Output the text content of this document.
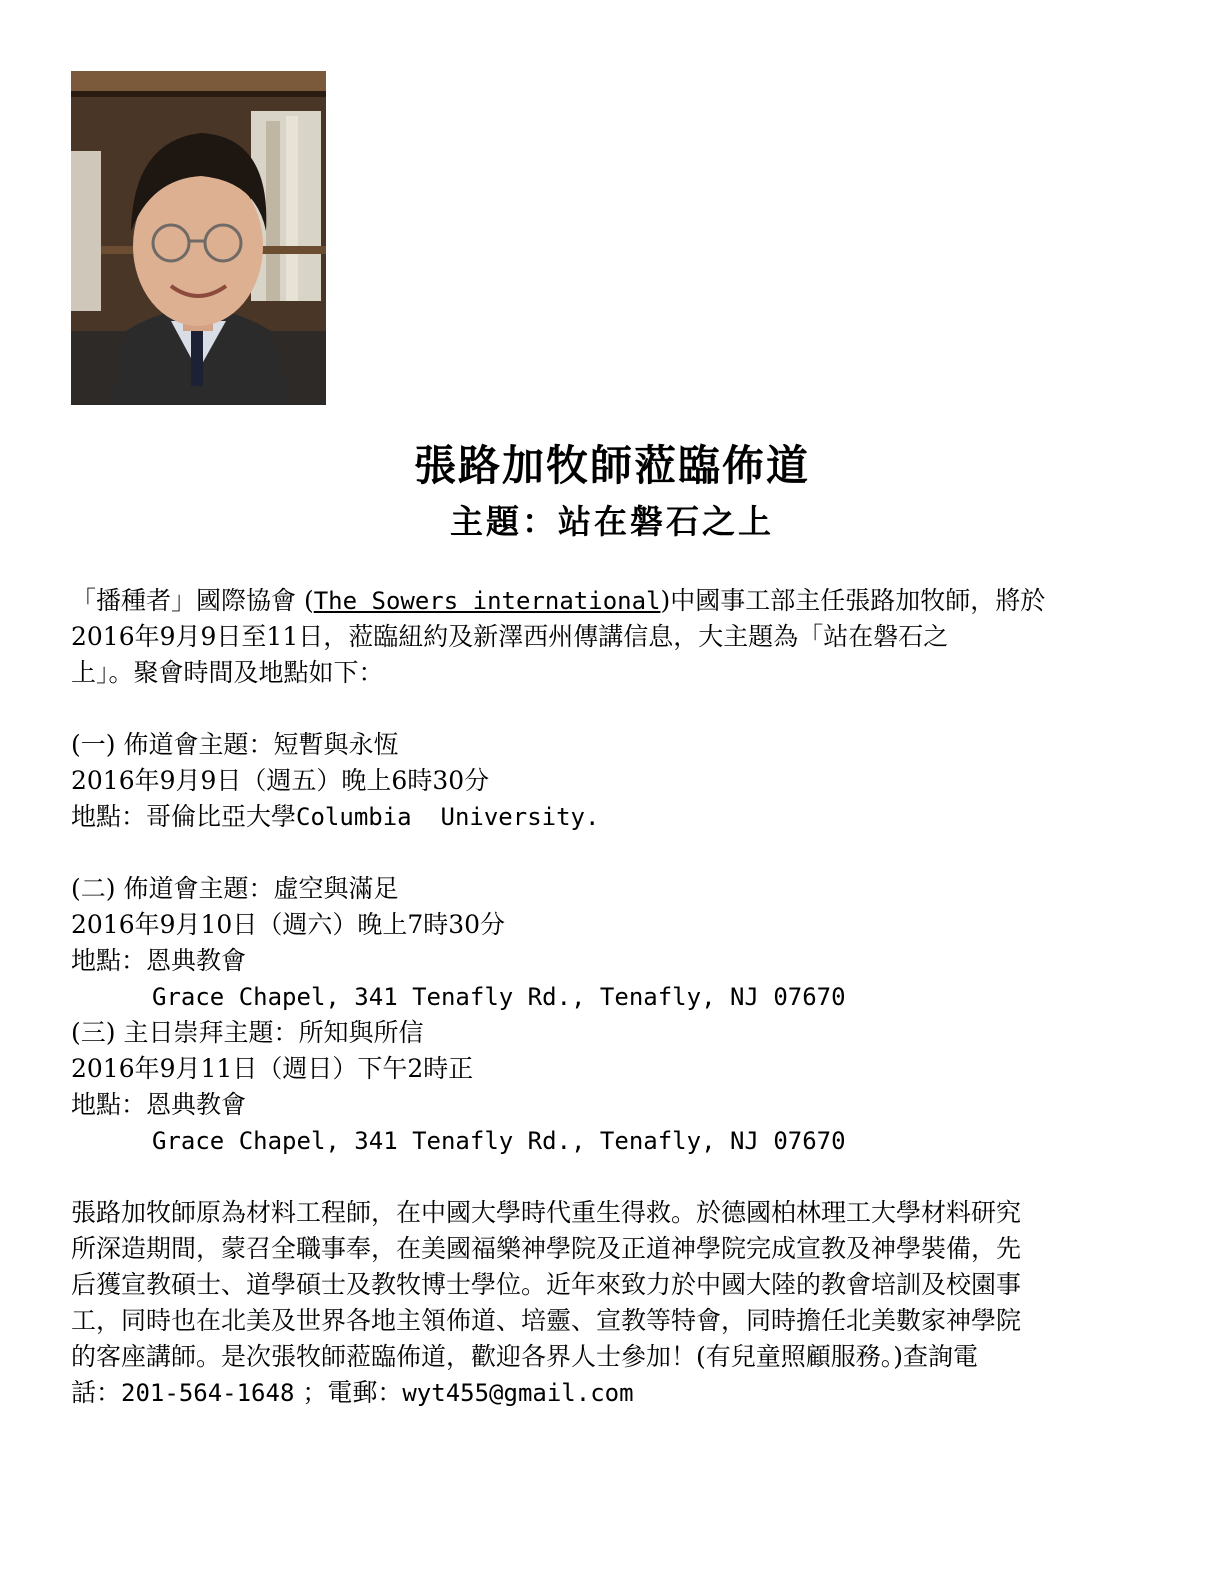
張路加牧師蒞臨佈道
主題：站在磐石之上
「播種者」國際協會 (The Sowers international)中國事工部主任張路加牧師，將於
2016年9月9日至11日，蒞臨紐約及新澤西州傳講信息，大主題為「站在磐石之
上」。聚會時間及地點如下：
(一) 佈道會主題：短暫與永恆
2016年9月9日（週五）晚上6時30分
地點：哥倫比亞大學Columbia  University.
(二) 佈道會主題：虛空與滿足
2016年9月10日（週六）晚上7時30分
地點：恩典教會
Grace Chapel, 341 Tenafly Rd., Tenafly, NJ 07670
(三) 主日崇拜主題：所知與所信
2016年9月11日（週日）下午2時正
地點：恩典教會
Grace Chapel, 341 Tenafly Rd., Tenafly, NJ 07670
張路加牧師原為材料工程師，在中國大學時代重生得救。於德國柏林理工大學材料研究
所深造期間，蒙召全職事奉，在美國福樂神學院及正道神學院完成宣教及神學裝備，先
后獲宣教碩士、道學碩士及教牧博士學位。近年來致力於中國大陸的教會培訓及校園事
工，同時也在北美及世界各地主領佈道、培靈、宣教等特會，同時擔任北美數家神學院
的客座講師。是次張牧師蒞臨佈道，歡迎各界人士參加！(有兒童照顧服務。)查詢電
話：201-564-1648 ；電郵：wyt455@gmail.com
